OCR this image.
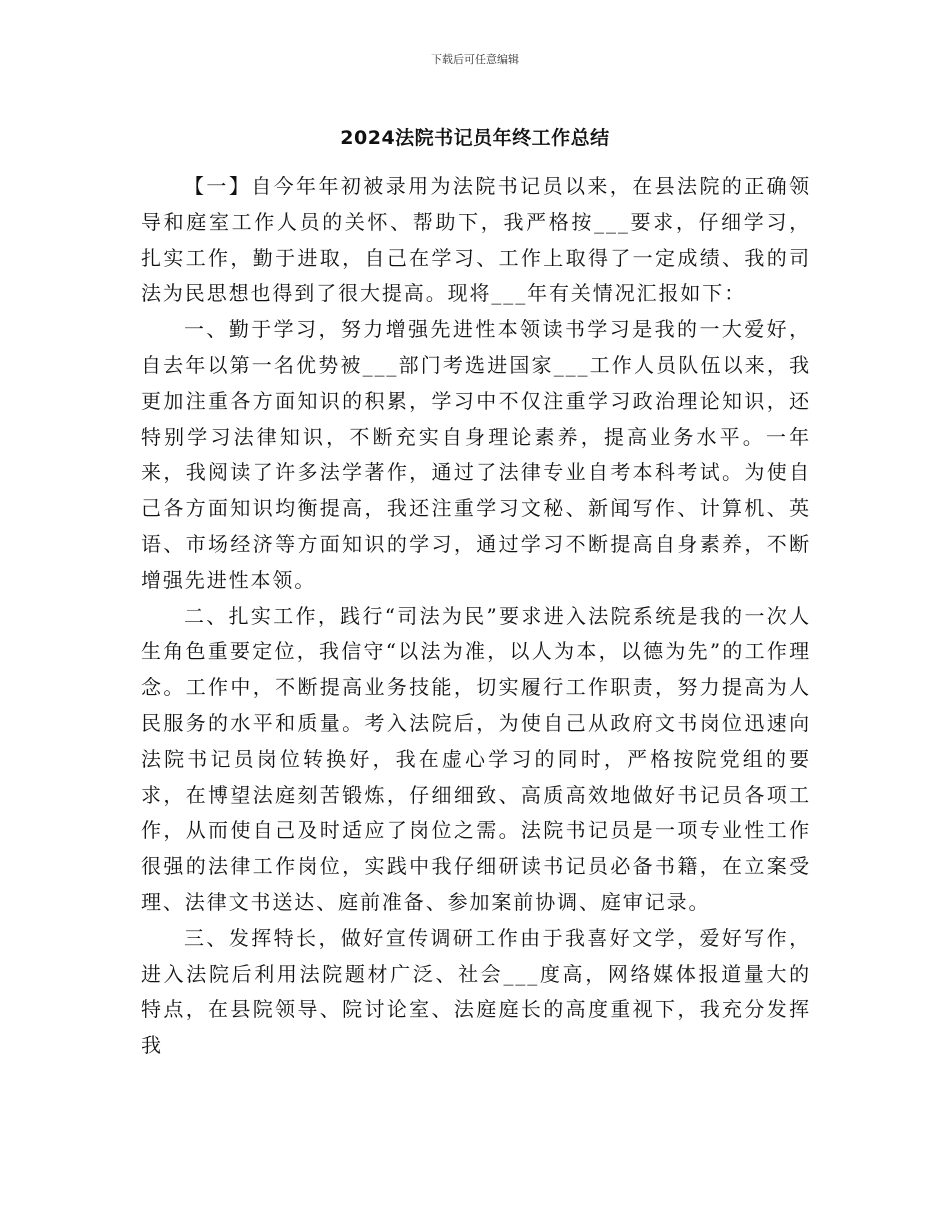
下载后可任意编辑
2024法院书记员年终工作总结

【一】自今年年初被录用为法院书记员以来，在县法院的正确领导和庭室工作人员的关怀、帮助下，我严格按___要求，仔细学习，扎实工作，勤于进取，自己在学习、工作上取得了一定成绩、我的司法为民思想也得到了很大提高。现将___年有关情况汇报如下：

一、勤于学习，努力增强先进性本领读书学习是我的一大爱好，自去年以第一名优势被___部门考选进国家___工作人员队伍以来，我更加注重各方面知识的积累，学习中不仅注重学习政治理论知识，还特别学习法律知识，不断充实自身理论素养，提高业务水平。一年来，我阅读了许多法学著作，通过了法律专业自考本科考试。为使自己各方面知识均衡提高，我还注重学习文秘、新闻写作、计算机、英语、市场经济等方面知识的学习，通过学习不断提高自身素养，不断增强先进性本领。

二、扎实工作，践行“司法为民”要求进入法院系统是我的一次人生角色重要定位，我信守“以法为准，以人为本，以德为先”的工作理念。工作中，不断提高业务技能，切实履行工作职责，努力提高为人民服务的水平和质量。考入法院后，为使自己从政府文书岗位迅速向法院书记员岗位转换好，我在虚心学习的同时，严格按院党组的要求，在博望法庭刻苦锻炼，仔细细致、高质高效地做好书记员各项工作，从而使自己及时适应了岗位之需。法院书记员是一项专业性工作很强的法律工作岗位，实践中我仔细研读书记员必备书籍，在立案受理、法律文书送达、庭前准备、参加案前协调、庭审记录。

三、发挥特长，做好宣传调研工作由于我喜好文学，爱好写作，进入法院后利用法院题材广泛、社会___度高，网络媒体报道量大的特点，在县院领导、院讨论室、法庭庭长的高度重视下，我充分发挥我
